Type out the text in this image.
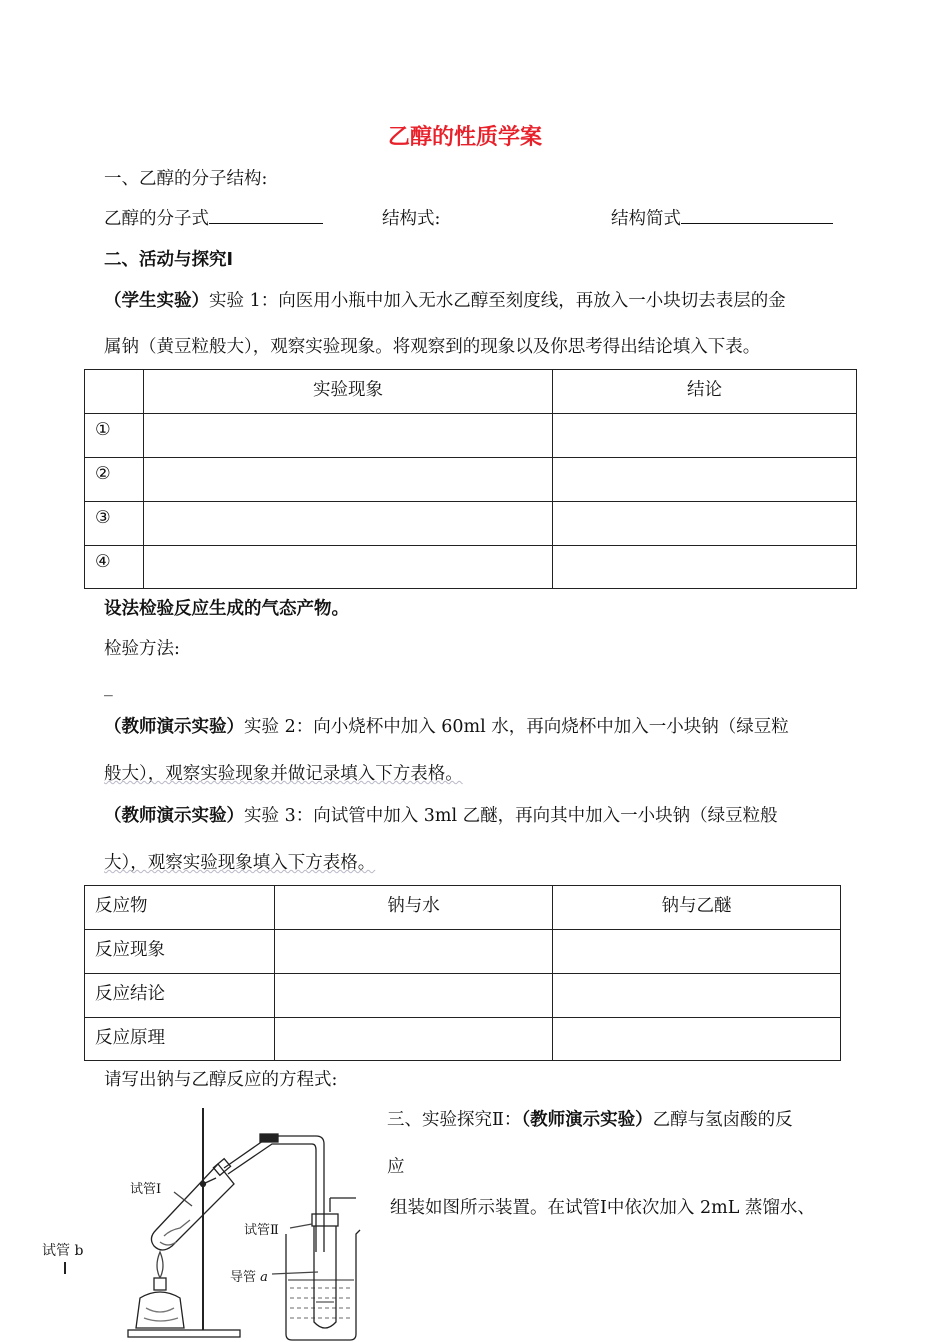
乙醇的性质学案
一、乙醇的分子结构:
乙醇的分子式	结构式:	结构简式
二、活动与探究Ⅰ
（学生实验）实验 1：向医用小瓶中加入无水乙醇至刻度线，再放入一小块切去表层的金
属钠（黄豆粒般大），观察实验现象。将观察到的现象以及你思考得出结论填入下表。
	实验现象	结论
①		
②		
③		
④		
设法检验反应生成的气态产物。
检验方法:
_
（教师演示实验）实验 2：向小烧杯中加入 60ml 水，再向烧杯中加入一小块钠（绿豆粒
般大），观察实验现象并做记录填入下方表格。
（教师演示实验）实验 3：向试管中加入 3ml 乙醚，再向其中加入一小块钠（绿豆粒般
大），观察实验现象填入下方表格。
反应物	钠与水	钠与乙醚
反应现象		
反应结论		
反应原理		
请写出钠与乙醇反应的方程式:
三、实验探究Ⅱ：（教师演示实验）乙醇与氢卤酸的反
应
组装如图所示装置。在试管Ⅰ中依次加入 2mL 蒸馏水、
试管Ⅰ
试管Ⅱ
导管 a
试管 b
